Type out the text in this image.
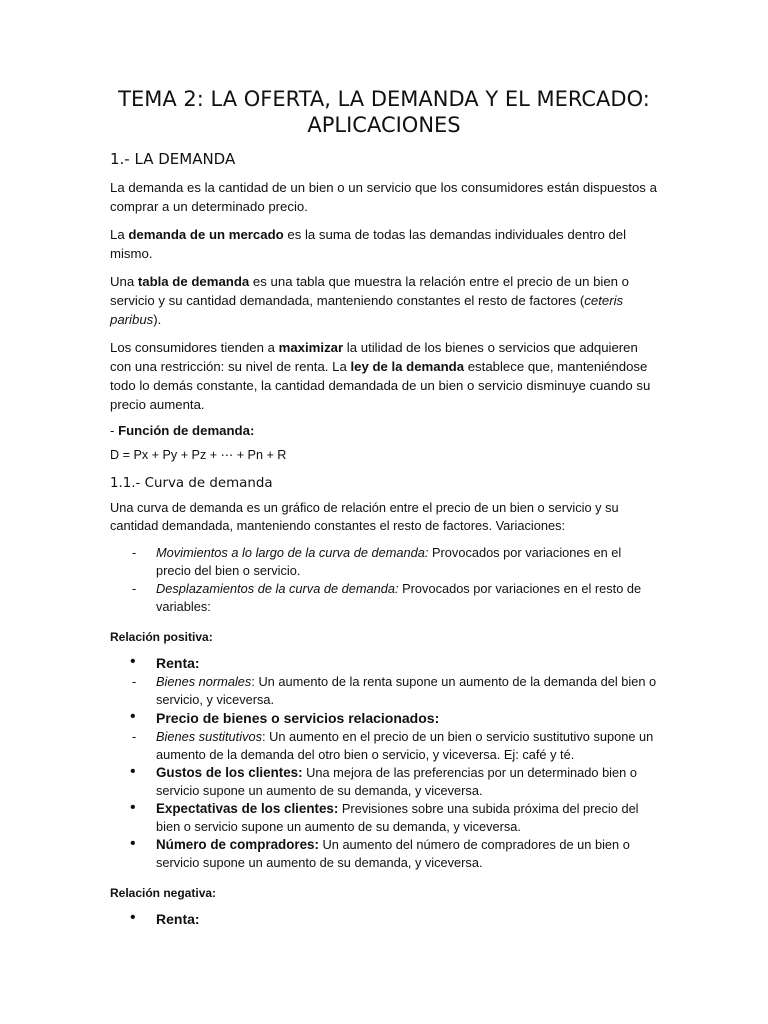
TEMA 2: LA OFERTA, LA DEMANDA Y EL MERCADO:
APLICACIONES
1.- LA DEMANDA

La demanda es la cantidad de un bien o un servicio que los consumidores están dispuestos a comprar a un determinado precio.

La demanda de un mercado es la suma de todas las demandas individuales dentro del mismo.

Una tabla de demanda es una tabla que muestra la relación entre el precio de un bien o servicio y su cantidad demandada, manteniendo constantes el resto de factores (ceteris paribus).

Los consumidores tienden a maximizar la utilidad de los bienes o servicios que adquieren con una restricción: su nivel de renta. La ley de la demanda establece que, manteniéndose todo lo demás constante, la cantidad demandada de un bien o servicio disminuye cuando su precio aumenta.

- Función de demanda:
D = Px + Py + Pz + ⋯ + Pn + R
1.1.- Curva de demanda

Una curva de demanda es un gráfico de relación entre el precio de un bien o servicio y su cantidad demandada, manteniendo constantes el resto de factores. Variaciones:

- Movimientos a lo largo de la curva de demanda: Provocados por variaciones en el precio del bien o servicio.
- Desplazamientos de la curva de demanda: Provocados por variaciones en el resto de variables:
Relación positiva:
• Renta:
- Bienes normales: Un aumento de la renta supone un aumento de la demanda del bien o servicio, y viceversa.
• Precio de bienes o servicios relacionados:
- Bienes sustitutivos: Un aumento en el precio de un bien o servicio sustitutivo supone un aumento de la demanda del otro bien o servicio, y viceversa. Ej: café y té.
• Gustos de los clientes: Una mejora de las preferencias por un determinado bien o servicio supone un aumento de su demanda, y viceversa.
• Expectativas de los clientes: Previsiones sobre una subida próxima del precio del bien o servicio supone un aumento de su demanda, y viceversa.
• Número de compradores: Un aumento del número de compradores de un bien o servicio supone un aumento de su demanda, y viceversa.
Relación negativa:
• Renta:
